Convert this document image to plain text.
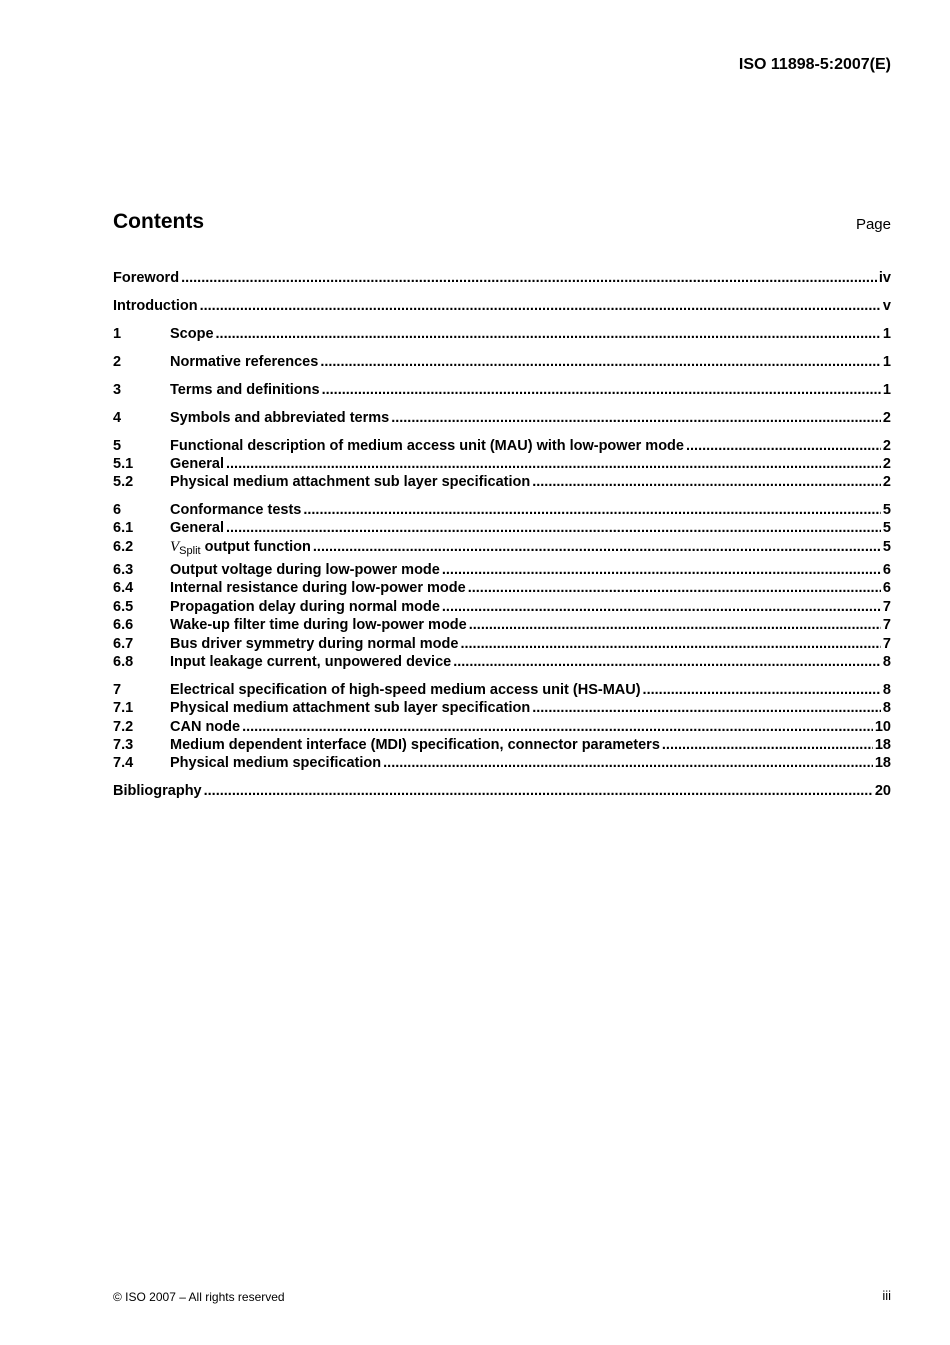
ISO 11898-5:2007(E)
Contents	Page
Foreword .....	iv
Introduction .....	v
1	Scope .....	1
2	Normative references .....	1
3	Terms and definitions .....	1
4	Symbols and abbreviated terms .....	2
5	Functional description of medium access unit (MAU) with low-power mode .....	2
5.1	General .....	2
5.2	Physical medium attachment sub layer specification .....	2
6	Conformance tests .....	5
6.1	General .....	5
6.2	$V_{Split}$ output function .....	5
6.3	Output voltage during low-power mode .....	6
6.4	Internal resistance during low-power mode .....	6
6.5	Propagation delay during normal mode .....	7
6.6	Wake-up filter time during low-power mode .....	7
6.7	Bus driver symmetry during normal mode .....	7
6.8	Input leakage current, unpowered device .....	8
7	Electrical specification of high-speed medium access unit (HS-MAU) .....	8
7.1	Physical medium attachment sub layer specification .....	8
7.2	CAN node .....	10
7.3	Medium dependent interface (MDI) specification, connector parameters .....	18
7.4	Physical medium specification .....	18
Bibliography .....	20
© ISO 2007 – All rights reserved	iii
